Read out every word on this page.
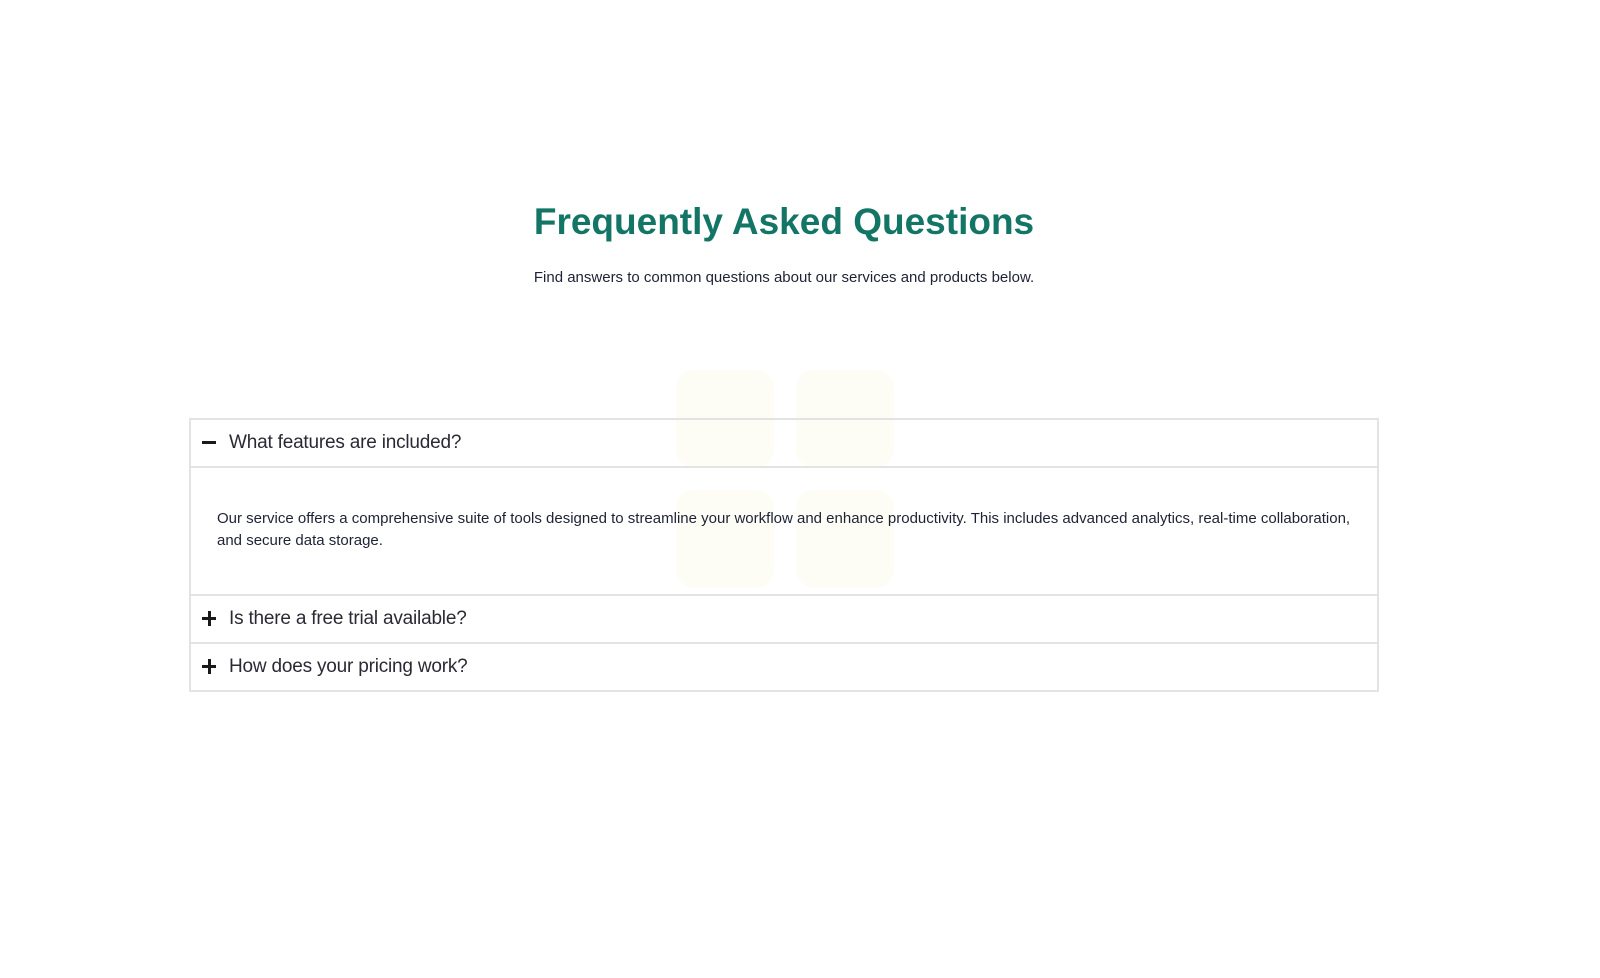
Frequently Asked Questions

Find answers to common questions about our services and products below.

What features are included?
Our service offers a comprehensive suite of tools designed to streamline your workflow and enhance productivity. This includes advanced analytics, real-time collaboration, and secure data storage.
Is there a free trial available?
How does your pricing work?
